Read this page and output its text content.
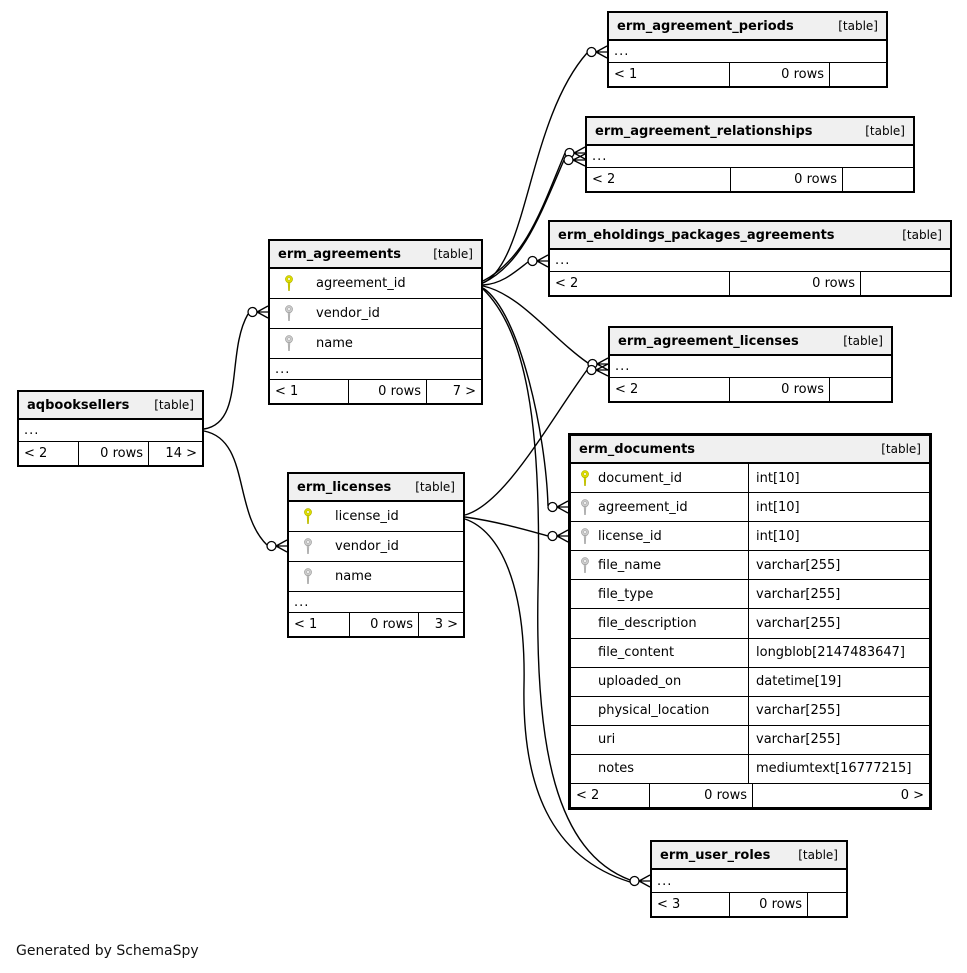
erm_agreement_periods	[table]
...
< 1	0 rows
erm_agreement_relationships	[table]
...
< 2	0 rows
erm_eholdings_packages_agreements	[table]
...
< 2	0 rows
erm_agreements	[table]
agreement_id
vendor_id
name
...
< 1	0 rows	7 >
erm_agreement_licenses	[table]
...
< 2	0 rows
erm_documents	[table]
document_id	int[10]
agreement_id	int[10]
license_id	int[10]
file_name	varchar[255]
file_type	varchar[255]
file_description	varchar[255]
file_content	longblob[2147483647]
uploaded_on	datetime[19]
physical_location	varchar[255]
uri	varchar[255]
notes	mediumtext[16777215]
< 2	0 rows	0 >
aqbooksellers [table]
...
< 2	0 rows	14 >
erm_licenses [table]
license_id
vendor_id
name
...
< 1	0 rows	3 >
erm_user_roles [table]
...
< 3	0 rows
Generated by SchemaSpy
